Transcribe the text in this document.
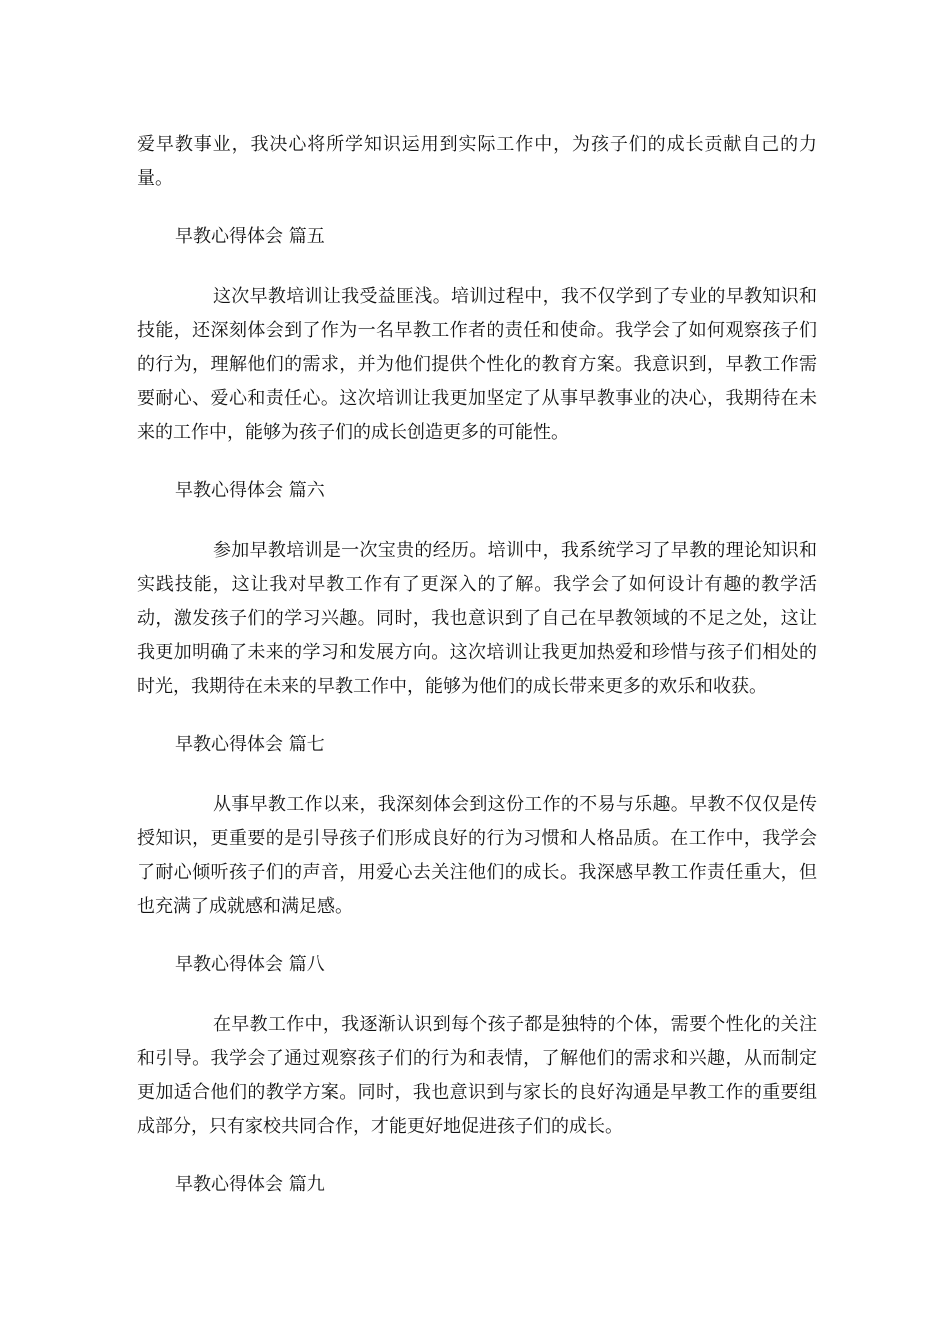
爱早教事业，我决心将所学知识运用到实际工作中，为孩子们的成长贡献自己的力量。

早教心得体会 篇五

这次早教培训让我受益匪浅。培训过程中，我不仅学到了专业的早教知识和技能，还深刻体会到了作为一名早教工作者的责任和使命。我学会了如何观察孩子们的行为，理解他们的需求，并为他们提供个性化的教育方案。我意识到，早教工作需要耐心、爱心和责任心。这次培训让我更加坚定了从事早教事业的决心，我期待在未来的工作中，能够为孩子们的成长创造更多的可能性。

早教心得体会 篇六

参加早教培训是一次宝贵的经历。培训中，我系统学习了早教的理论知识和实践技能，这让我对早教工作有了更深入的了解。我学会了如何设计有趣的教学活动，激发孩子们的学习兴趣。同时，我也意识到了自己在早教领域的不足之处，这让我更加明确了未来的学习和发展方向。这次培训让我更加热爱和珍惜与孩子们相处的时光，我期待在未来的早教工作中，能够为他们的成长带来更多的欢乐和收获。

早教心得体会 篇七

从事早教工作以来，我深刻体会到这份工作的不易与乐趣。早教不仅仅是传授知识，更重要的是引导孩子们形成良好的行为习惯和人格品质。在工作中，我学会了耐心倾听孩子们的声音，用爱心去关注他们的成长。我深感早教工作责任重大，但也充满了成就感和满足感。

早教心得体会 篇八

在早教工作中，我逐渐认识到每个孩子都是独特的个体，需要个性化的关注和引导。我学会了通过观察孩子们的行为和表情，了解他们的需求和兴趣，从而制定更加适合他们的教学方案。同时，我也意识到与家长的良好沟通是早教工作的重要组成部分，只有家校共同合作，才能更好地促进孩子们的成长。

早教心得体会 篇九
